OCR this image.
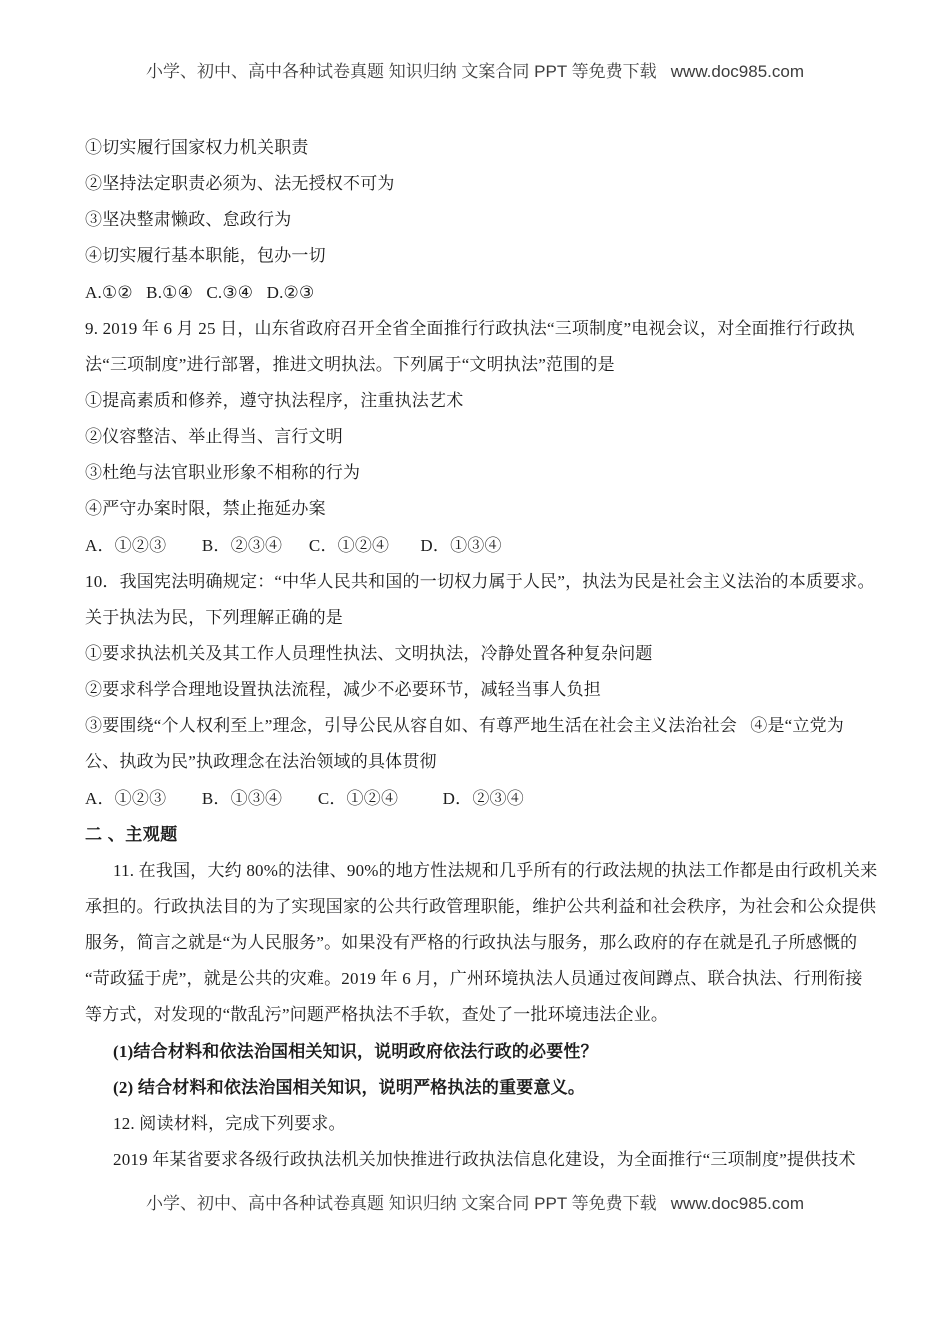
小学、初中、高中各种试卷真题 知识归纳 文案合同 PPT 等免费下载   www.doc985.com
①切实履行国家权力机关职责
②坚持法定职责必须为、法无授权不可为
③坚决整肃懒政、怠政行为
④切实履行基本职能，包办一切
A.①②   B.①④   C.③④   D.②③
9. 2019 年 6 月 25 日，山东省政府召开全省全面推行行政执法“三项制度”电视会议，对全面推行行政执
法“三项制度”进行部署，推进文明执法。下列属于“文明执法”范围的是
①提高素质和修养，遵守执法程序，注重执法艺术
②仪容整洁、举止得当、言行文明
③杜绝与法官职业形象不相称的行为
④严守办案时限，禁止拖延办案
A．①②③        B．②③④      C．①②④       D．①③④
10．我国宪法明确规定：“中华人民共和国的一切权力属于人民”，执法为民是社会主义法治的本质要求。
关于执法为民，下列理解正确的是
①要求执法机关及其工作人员理性执法、文明执法，冷静处置各种复杂问题
②要求科学合理地设置执法流程，减少不必要环节，减轻当事人负担
③要围绕“个人权利至上”理念，引导公民从容自如、有尊严地生活在社会主义法治社会   ④是“立党为
公、执政为民”执政理念在法治领域的具体贯彻
A．①②③        B．①③④        C．①②④          D．②③④
二 、主观题
11. 在我国，大约 80%的法律、90%的地方性法规和几乎所有的行政法规的执法工作都是由行政机关来
承担的。行政执法目的为了实现国家的公共行政管理职能，维护公共利益和社会秩序，为社会和公众提供
服务，简言之就是“为人民服务”。如果没有严格的行政执法与服务，那么政府的存在就是孔子所感慨的
“苛政猛于虎”，就是公共的灾难。2019 年 6 月，广州环境执法人员通过夜间蹲点、联合执法、行刑衔接
等方式，对发现的“散乱污”问题严格执法不手软，查处了一批环境违法企业。
(1)结合材料和依法治国相关知识，说明政府依法行政的必要性？
(2) 结合材料和依法治国相关知识，说明严格执法的重要意义。
12. 阅读材料，完成下列要求。
2019 年某省要求各级行政执法机关加快推进行政执法信息化建设，为全面推行“三项制度”提供技术
小学、初中、高中各种试卷真题 知识归纳 文案合同 PPT 等免费下载   www.doc985.com
